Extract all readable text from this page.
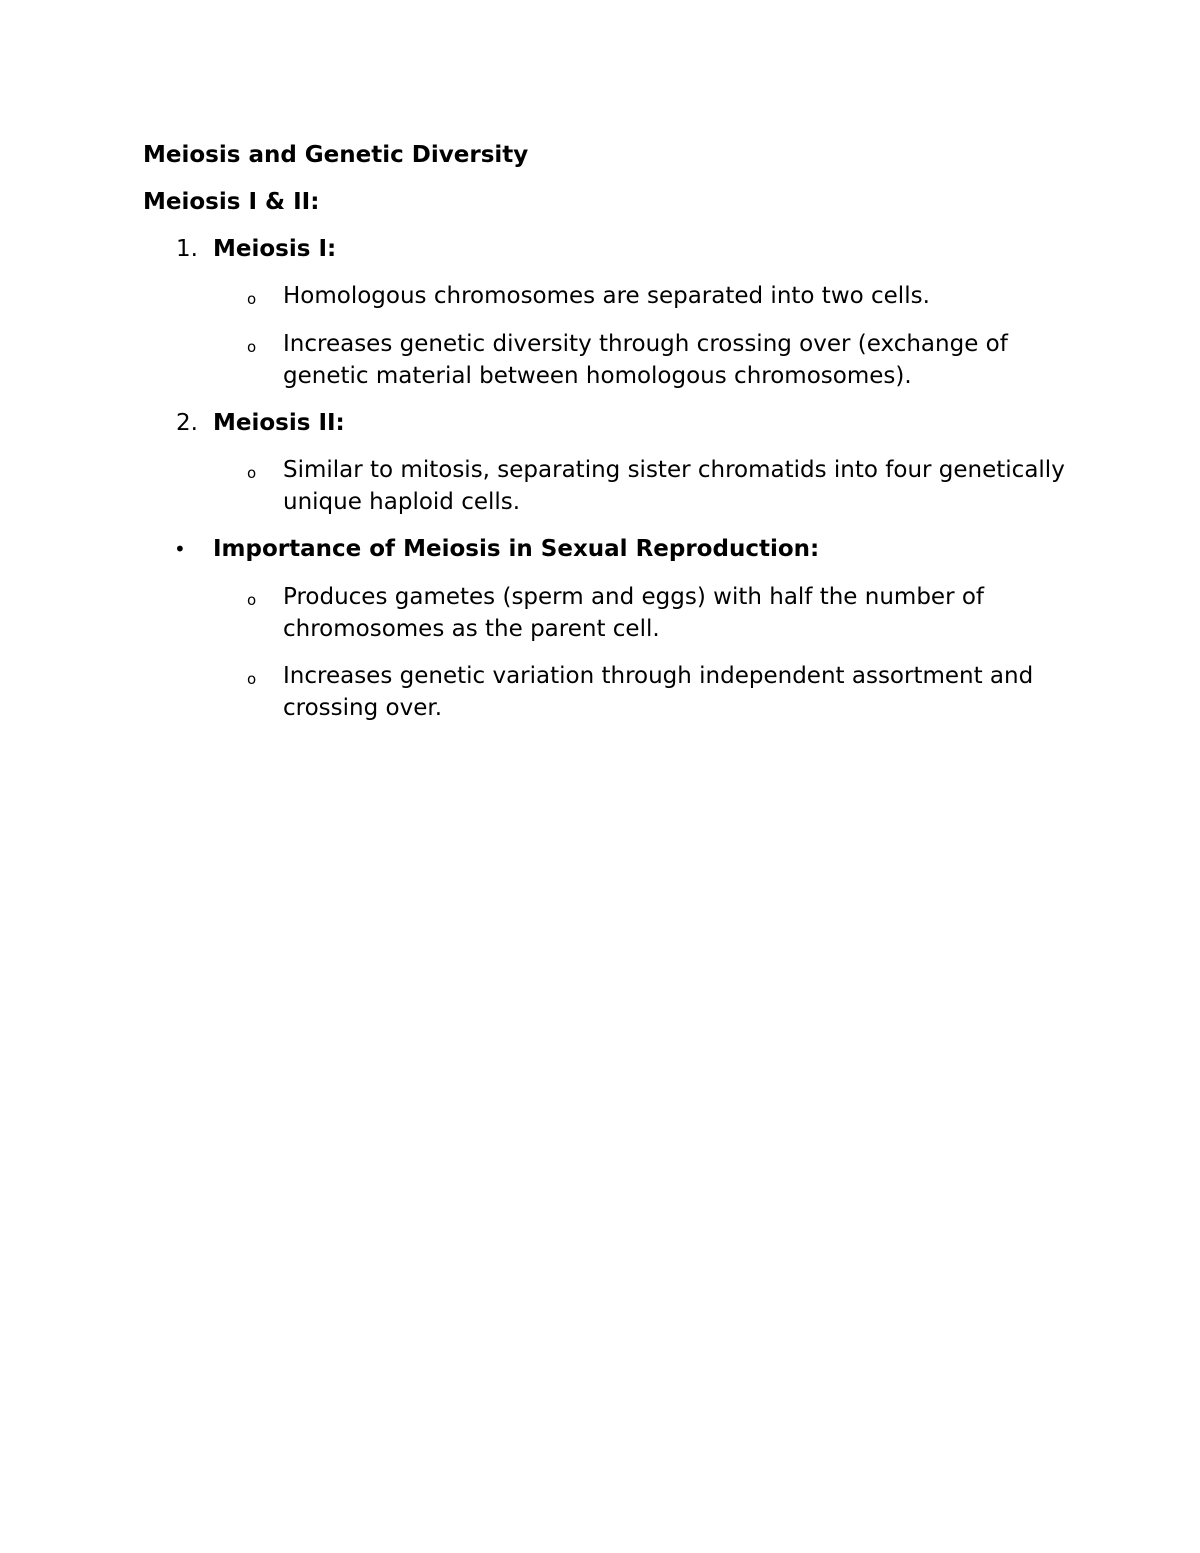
Meiosis and Genetic Diversity
Meiosis I & II:
1. Meiosis I:
o Homologous chromosomes are separated into two cells.
o Increases genetic diversity through crossing over (exchange of genetic material between homologous chromosomes).
2. Meiosis II:
o Similar to mitosis, separating sister chromatids into four genetically unique haploid cells.
• Importance of Meiosis in Sexual Reproduction:
o Produces gametes (sperm and eggs) with half the number of chromosomes as the parent cell.
o Increases genetic variation through independent assortment and crossing over.
